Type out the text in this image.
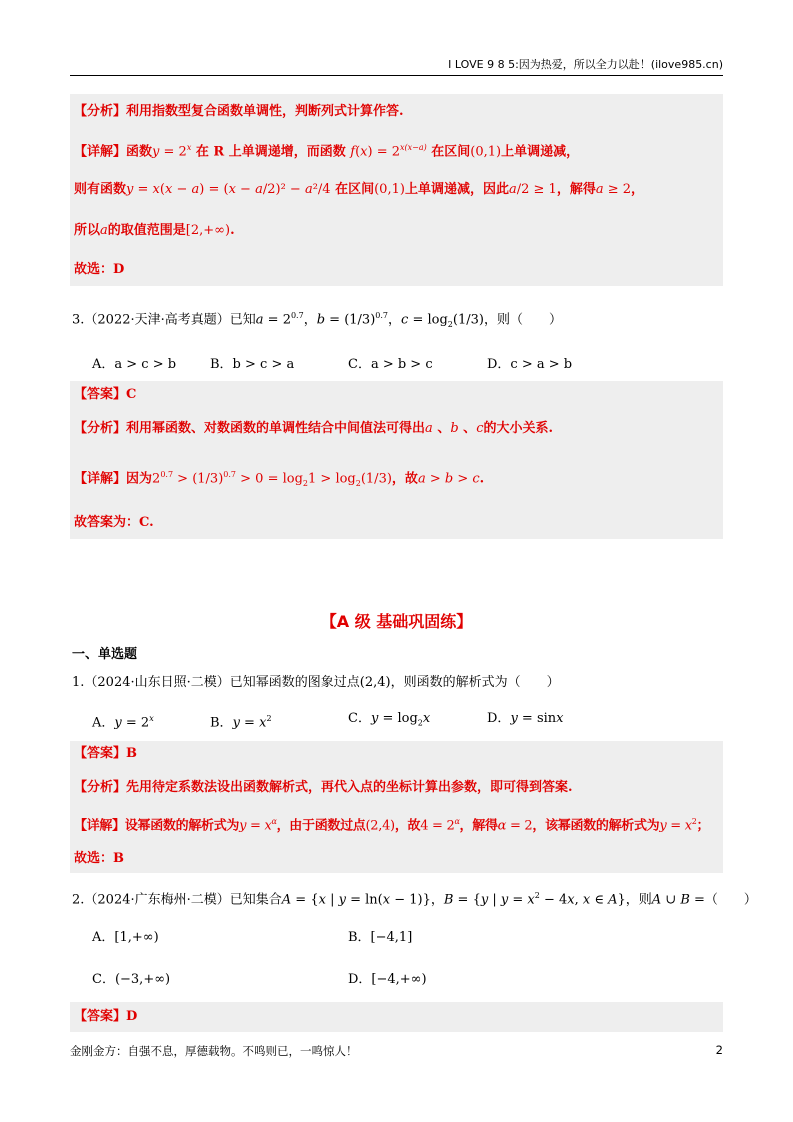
I LOVE 9 8 5:因为热爱，所以全力以赴！(ilove985.cn)
【分析】利用指数型复合函数单调性，判断列式计算作答.
【详解】函数$y = 2^x$ 在 R 上单调递增，而函数 $f(x) = 2^{x(x-a)}$ 在区间(0,1)上单调递减，
则有函数y = x(x − a) = (x − a/2)² − a²/4 在区间(0,1)上单调递减，因此a/2 ≥ 1，解得a ≥ 2，
所以a的取值范围是[2,+∞).
故选：D
3.（2022·天津·高考真题）已知$a = 2^{0.7}$，$b = (1/3)^{0.7}$，$c = \log_2(1/3)$，则（　　）
A．a > c > b	B．b > c > a	C．a > b > c	D．c > a > b
【答案】C
【分析】利用幂函数、对数函数的单调性结合中间值法可得出a 、b 、c的大小关系.
【详解】因为$2^{0.7} > (1/3)^{0.7} > 0 = \log_21 > \log_2(1/3)$，故a > b > c.
故答案为：C.
【A 级 基础巩固练】
一、单选题
1.（2024·山东日照·二模）已知幂函数的图象过点(2,4)，则函数的解析式为（　　）
A．$y = 2^x$	B．$y = x^2$	C．$y = \log_2x$	D．y = sinx
【答案】B
【分析】先用待定系数法设出函数解析式，再代入点的坐标计算出参数，即可得到答案.
【详解】设幂函数的解析式为$y = x^\alpha$，由于函数过点(2,4)，故$4 = 2^\alpha$，解得α = 2，该幂函数的解析式为$y = x^2$；
故选：B
2.（2024·广东梅州·二模）已知集合A = {x | y = ln(x − 1)}，B = {y | $y = x^2 - 4x$, x ∈ A}，则A ∪ B =（　　）
A．[1,+∞)	B．[−4,1]
C．(−3,+∞)	D．[−4,+∞)
【答案】D
金刚金方：自强不息，厚德载物。不鸣则已，一鸣惊人！	2
